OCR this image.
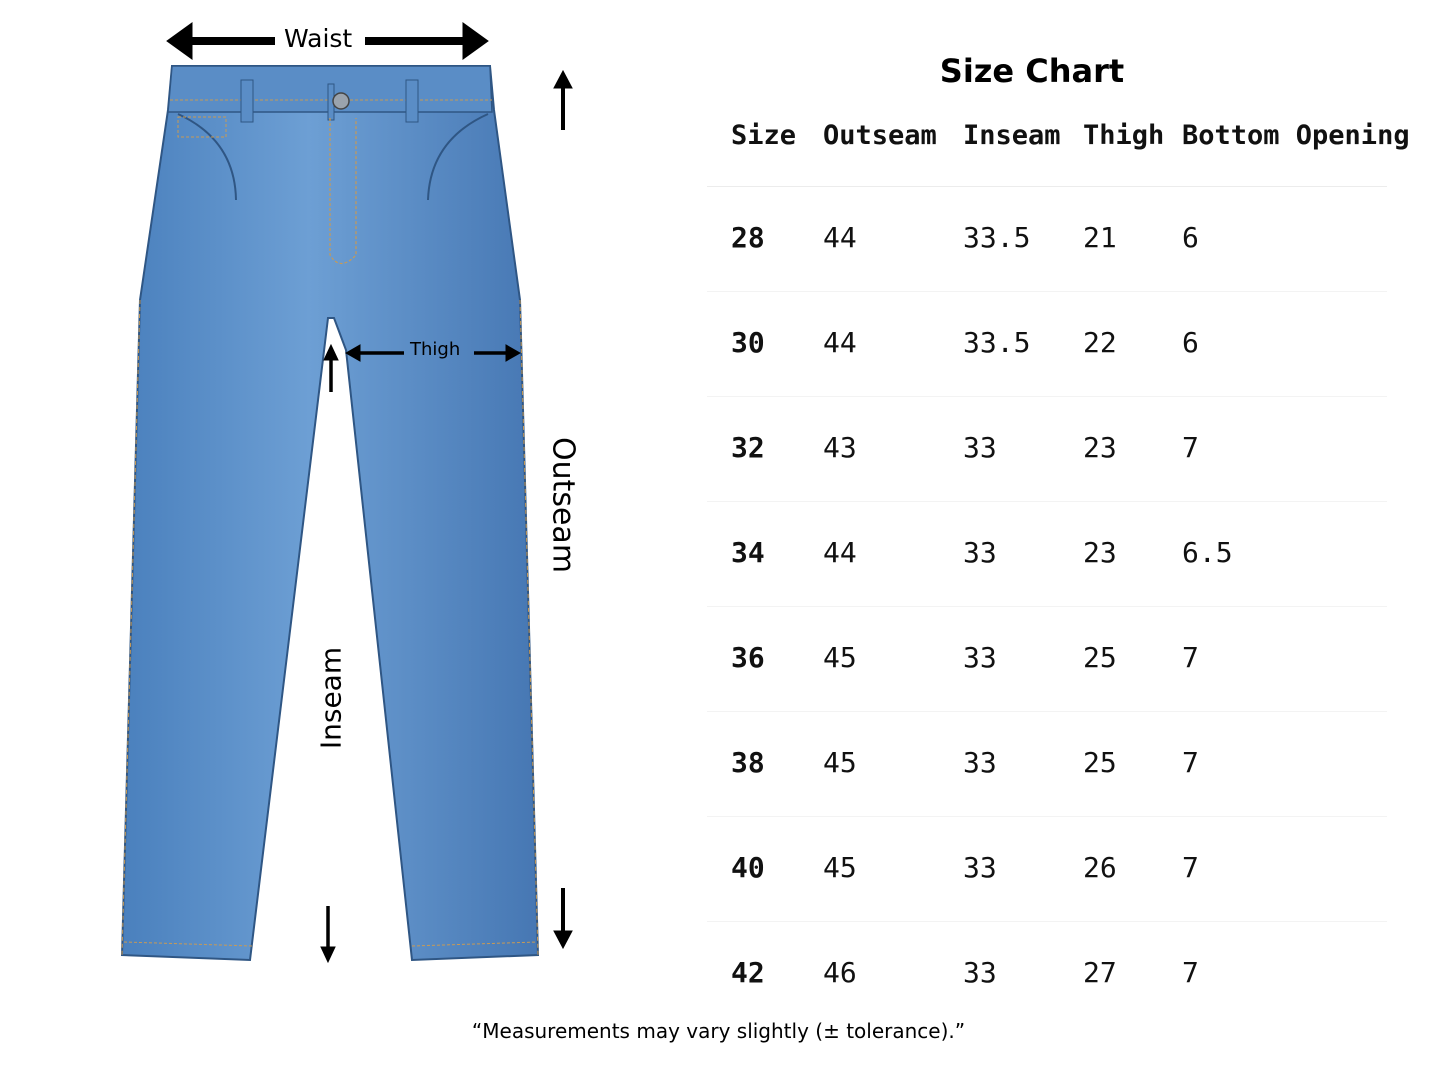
Waist
Thigh
Outseam
Inseam
Size Chart
Size Outseam Inseam Thigh Bottom Opening
28 44	33.5 21 6
30 44	33.5 22 6
32 43	33	23 7
34 44	33	23 6.5
36 45	33	25 7
38 45	33	25 7
40 45	33	26 7
42 46	33	27 7
“Measurements may vary slightly (± tolerance).”
